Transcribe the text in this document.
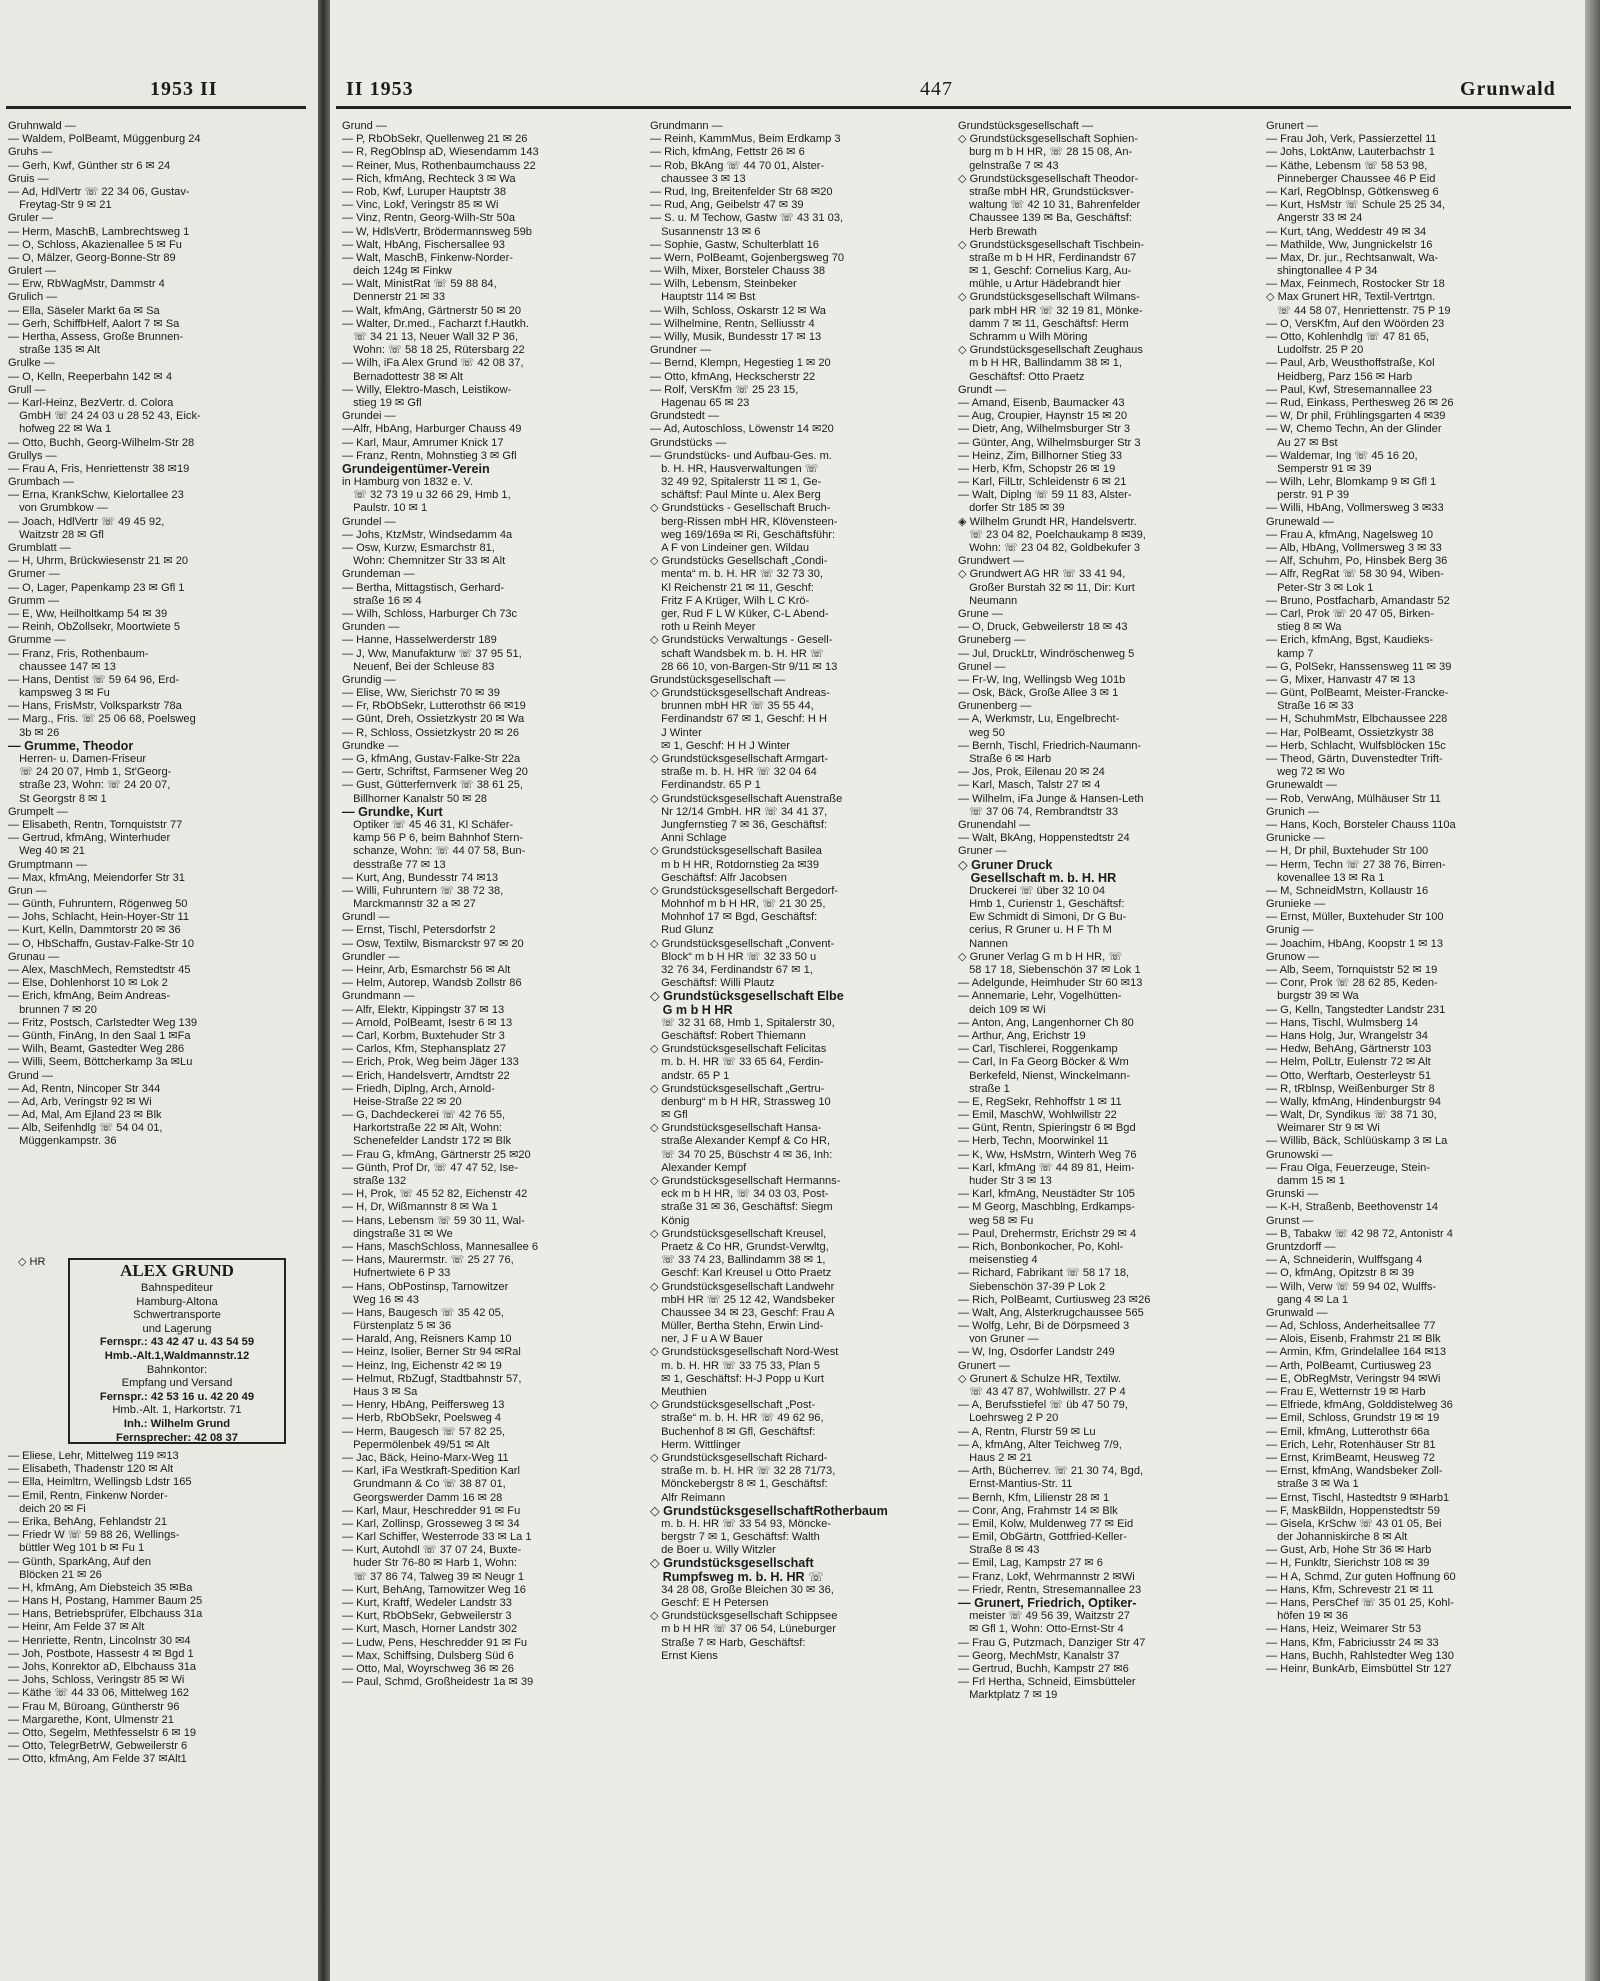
1953 II
Gruhnwald —
— Waldem, PolBeamt, Müggenburg 24
Gruhs —
— Gerh, Kwf, Günther str 6 ✉ 24
Gruis —
— Ad, HdlVertr ☏ 22 34 06, Gustav-
 Freytag-Str 9 ✉ 21
Gruler —
— Herm, MaschB, Lambrechtsweg 1
— O, Schloss, Akazienallee 5 ✉ Fu
— O, Mälzer, Georg-Bonne-Str 89
Grulert —
— Erw, RbWagMstr, Dammstr 4
Grulich —
— Ella, Säseler Markt 6a ✉ Sa
— Gerh, SchiffbHelf, Aalort 7 ✉ Sa
— Hertha, Assess, Große Brunnen-
 straße 135 ✉ Alt
Grulke —
— O, Kelln, Reeperbahn 142 ✉ 4
Grull —
— Karl-Heinz, BezVertr. d. Colora
 GmbH ☏ 24 24 03 u 28 52 43, Eick-
 hofweg 22 ✉ Wa 1
— Otto, Buchh, Georg-Wilhelm-Str 28
Grullys —
— Frau A, Fris, Henriettenstr 38 ✉19
Grumbach —
— Erna, KrankSchw, Kielortallee 23
 von Grumbkow —
— Joach, HdlVertr ☏ 49 45 92,
 Waitzstr 28 ✉ Gfl
Grumblatt —
— H, Uhrm, Brückwiesenstr 21 ✉ 20
Grumer —
— O, Lager, Papenkamp 23 ✉ Gfl 1
Grumm —
— E, Ww, Heilholtkamp 54 ✉ 39
— Reinh, ObZollsekr, Moortwiete 5
Grumme —
— Franz, Fris, Rothenbaum-
 chaussee 147 ✉ 13
— Hans, Dentist ☏ 59 64 96, Erd-
 kampsweg 3 ✉ Fu
— Hans, FrisMstr, Volksparkstr 78a
— Marg., Fris. ☏ 25 06 68, Poelsweg
 3b ✉ 26
— Grumme, Theodor
 Herren- u. Damen-Friseur
 ☏ 24 20 07, Hmb 1, St'Georg-
 straße 23, Wohn: ☏ 24 20 07,
 St Georgstr 8 ✉ 1
Grumpelt —
— Elisabeth, Rentn, Tornquiststr 77
— Gertrud, kfmAng, Winterhuder
 Weg 40 ✉ 21
Grumptmann —
— Max, kfmAng, Meiendorfer Str 31
Grun —
— Günth, Fuhruntern, Rögenweg 50
— Johs, Schlacht, Hein-Hoyer-Str 11
— Kurt, Kelln, Dammtorstr 20 ✉ 36
— O, HbSchaffn, Gustav-Falke-Str 10
Grunau —
— Alex, MaschMech, Remstedtstr 45
— Else, Dohlenhorst 10 ✉ Lok 2
— Erich, kfmAng, Beim Andreas-
 brunnen 7 ✉ 20
— Fritz, Postsch, Carlstedter Weg 139
— Günth, FinAng, In den Saal 1 ✉Fa
— Wilh, Beamt, Gastedter Weg 286
— Willi, Seem, Böttcherkamp 3a ✉Lu
Grund —
— Ad, Rentn, Nincoper Str 344
— Ad, Arb, Veringstr 92 ✉ Wi
— Ad, Mal, Am Ejland 23 ✉ Blk
— Alb, Seifenhdlg ☏ 54 04 01,
 Müggenkampstr. 36
◇ HR	ALEX GRUND
Bahnspediteur
Hamburg-Altona
Schwertransporte
und Lagerung
Fernspr.: 43 42 47 u. 43 54 59
Hmb.-Alt.1,Waldmannstr.12
Bahnkontor:
Empfang und Versand
Fernspr.: 42 53 16 u. 42 20 49
Hmb.-Alt. 1, Harkortstr. 71
Inh.: Wilhelm Grund
Fernsprecher: 42 08 37
— Eliese, Lehr, Mittelweg 119 ✉13
— Elisabeth, Thadenstr 120 ✉ Alt
— Ella, Heimltrn, Wellingsb Ldstr 165
— Emil, Rentn, Finkenw Norder-
 deich 20 ✉ Fi
— Erika, BehAng, Fehlandstr 21
— Friedr W ☏ 59 88 26, Wellings-
 büttler Weg 101 b ✉ Fu 1
— Günth, SparkAng, Auf den
 Blöcken 21 ✉ 26
— H, kfmAng, Am Diebsteich 35 ✉Ba
— Hans H, Postang, Hammer Baum 25
— Hans, Betriebsprüfer, Elbchauss 31a
— Heinr, Am Felde 37 ✉ Alt
— Henriette, Rentn, Lincolnstr 30 ✉4
— Joh, Postbote, Hassestr 4 ✉ Bgd 1
— Johs, Konrektor aD, Elbchauss 31a
— Johs, Schloss, Veringstr 85 ✉ Wi
— Käthe ☏ 44 33 06, Mittelweg 162
— Frau M, Büroang, Güntherstr 96
— Margarethe, Kont, Ulmenstr 21
— Otto, Segelm, Methfesselstr 6 ✉ 19
— Otto, TelegrBetrW, Gebweilerstr 6
— Otto, kfmAng, Am Felde 37 ✉Alt1
II 1953	447	Grunwald
Grund —
— P, RbObSekr, Quellenweg 21 ✉ 26
— R, RegOblnsp aD, Wiesendamm 143
— Reiner, Mus, Rothenbaumchauss 22
— Rich, kfmAng, Rechteck 3 ✉ Wa
— Rob, Kwf, Luruper Hauptstr 38
— Vinc, Lokf, Veringstr 85 ✉ Wi
— Vinz, Rentn, Georg-Wilh-Str 50a
— W, HdlsVertr, Brödermannsweg 59b
— Walt, HbAng, Fischersallee 93
— Walt, MaschB, Finkenw-Norder-
 deich 124g ✉ Finkw
— Walt, MinistRat ☏ 59 88 84,
 Dennerstr 21 ✉ 33
— Walt, kfmAng, Gärtnerstr 50 ✉ 20
— Walter, Dr.med., Facharzt f.Hautkh.
 ☏ 34 21 13, Neuer Wall 32 P 36,
 Wohn: ☏ 58 18 25, Rütersbarg 22
— Wilh, iFa Alex Grund ☏ 42 08 37,
 Bernadottestr 38 ✉ Alt
— Willy, Elektro-Masch, Leistikow-
 stieg 19 ✉ Gfl
Grundei —
—Alfr, HbAng, Harburger Chauss 49
— Karl, Maur, Amrumer Knick 17
— Franz, Rentn, Mohnstieg 3 ✉ Gfl
Grundeigentümer-Verein
in Hamburg von 1832 e. V.
 ☏ 32 73 19 u 32 66 29, Hmb 1,
 Paulstr. 10 ✉ 1
Grundel —
— Johs, KtzMstr, Windsedamm 4a
— Osw, Kurzw, Esmarchstr 81,
 Wohn: Chemnitzer Str 33 ✉ Alt
Grundeman —
— Bertha, Mittagstisch, Gerhard-
 straße 16 ✉ 4
— Wilh, Schloss, Harburger Ch 73c
Grunden —
— Hanne, Hasselwerderstr 189
— J, Ww, Manufakturw ☏ 37 95 51,
 Neuenf, Bei der Schleuse 83
Grundig —
— Elise, Ww, Sierichstr 70 ✉ 39
— Fr, RbObSekr, Lutterothstr 66 ✉19
— Günt, Dreh, Ossietzkystr 20 ✉ Wa
— R, Schloss, Ossietzkystr 20 ✉ 26
Grundke —
— G, kfmAng, Gustav-Falke-Str 22a
— Gertr, Schriftst, Farmsener Weg 20
— Gust, Gütterfernverk ☏ 38 61 25,
 Billhorner Kanalstr 50 ✉ 28
— Grundke, Kurt
 Optiker ☏ 45 46 31, Kl Schäfer-
 kamp 56 P 6, beim Bahnhof Stern-
 schanze, Wohn: ☏ 44 07 58, Bun-
 desstraße 77 ✉ 13
— Kurt, Ang, Bundesstr 74 ✉13
— Willi, Fuhruntern ☏ 38 72 38,
 Marckmannstr 32 a ✉ 27
Grundl —
— Ernst, Tischl, Petersdorfstr 2
— Osw, Textilw, Bismarckstr 97 ✉ 20
Grundler —
— Heinr, Arb, Esmarchstr 56 ✉ Alt
— Helm, Autorep, Wandsb Zollstr 86
Grundmann —
— Alfr, Elektr, Kippingstr 37 ✉ 13
— Arnold, PolBeamt, Isestr 6 ✉ 13
— Carl, Korbm, Buxtehuder Str 3
— Carlos, Kfm, Stephansplatz 27
— Erich, Prok, Weg beim Jäger 133
— Erich, Handelsvertr, Arndtstr 22
— Friedh, Diplng, Arch, Arnold-
 Heise-Straße 22 ✉ 20
— G, Dachdeckerei ☏ 42 76 55,
 Harkortstraße 22 ✉ Alt, Wohn:
 Schenefelder Landstr 172 ✉ Blk
— Frau G, kfmAng, Gärtnerstr 25 ✉20
— Günth, Prof Dr, ☏ 47 47 52, Ise-
 straße 132
— H, Prok, ☏ 45 52 82, Eichenstr 42
— H, Dr, Wißmannstr 8 ✉ Wa 1
— Hans, Lebensm ☏ 59 30 11, Wal-
 dingstraße 31 ✉ We
— Hans, MaschSchloss, Mannesallee 6
— Hans, Maurermstr. ☏ 25 27 76,
 Hufnertwiete 6 P 33
— Hans, ObPostinsp, Tarnowitzer
 Weg 16 ✉ 43
— Hans, Baugesch ☏ 35 42 05,
 Fürstenplatz 5 ✉ 36
— Harald, Ang, Reisners Kamp 10
— Heinz, Isolier, Berner Str 94 ✉Ral
— Heinz, Ing, Eichenstr 42 ✉ 19
— Helmut, RbZugf, Stadtbahnstr 57,
 Haus 3 ✉ Sa
— Henry, HbAng, Peiffersweg 13
— Herb, RbObSekr, Poelsweg 4
— Herm, Baugesch ☏ 57 82 25,
 Pepermölenbek 49/51 ✉ Alt
— Jac, Bäck, Heino-Marx-Weg 11
— Karl, iFa Westkraft-Spedition Karl
 Grundmann & Co ☏ 38 87 01,
 Georgswerder Damm 16 ✉ 28
— Karl, Maur, Heschredder 91 ✉ Fu
— Karl, Zollinsp, Grosseweg 3 ✉ 34
— Karl Schiffer, Westerrode 33 ✉ La 1
— Kurt, Autohdl ☏ 37 07 24, Buxte-
 huder Str 76-80 ✉ Harb 1, Wohn:
 ☏ 37 86 74, Talweg 39 ✉ Neugr 1
— Kurt, BehAng, Tarnowitzer Weg 16
— Kurt, Kraftf, Wedeler Landstr 33
— Kurt, RbObSekr, Gebweilerstr 3
— Kurt, Masch, Horner Landstr 302
— Ludw, Pens, Heschredder 91 ✉ Fu
— Max, Schiffsing, Dulsberg Süd 6
— Otto, Mal, Woyrschweg 36 ✉ 26
— Paul, Schmd, Großheidestr 1a ✉ 39
Grundmann —
— Reinh, KammMus, Beim Erdkamp 3
— Rich, kfmAng, Fettstr 26 ✉ 6
— Rob, BkAng ☏ 44 70 01, Alster-
 chaussee 3 ✉ 13
— Rud, Ing, Breitenfelder Str 68 ✉20
— Rud, Ang, Geibelstr 47 ✉ 39
— S. u. M Techow, Gastw ☏ 43 31 03,
 Susannenstr 13 ✉ 6
— Sophie, Gastw, Schulterblatt 16
— Wern, PolBeamt, Gojenbergsweg 70
— Wilh, Mixer, Borsteler Chauss 38
— Wilh, Lebensm, Steinbeker
 Hauptstr 114 ✉ Bst
— Wilh, Schloss, Oskarstr 12 ✉ Wa
— Wilhelmine, Rentn, Selliusstr 4
— Willy, Musik, Bundesstr 17 ✉ 13
Grundner —
— Bernd, Klempn, Hegestieg 1 ✉ 20
— Otto, kfmAng, Heckscherstr 22
— Rolf, VersKfm ☏ 25 23 15,
 Hagenau 65 ✉ 23
Grundstedt —
— Ad, Autoschloss, Löwenstr 14 ✉20
Grundstücks —
— Grundstücks- und Aufbau-Ges. m.
 b. H. HR, Hausverwaltungen ☏
 32 49 92, Spitalerstr 11 ✉ 1, Ge-
 schäftsf: Paul Minte u. Alex Berg
◇ Grundstücks - Gesellschaft Bruch-
 berg-Rissen mbH HR, Klövensteen-
 weg 169/169a ✉ Ri, Geschäftsführ:
 A F von Lindeiner gen. Wildau
◇ Grundstücks Gesellschaft „Condi-
 menta“ m. b. H. HR ☏ 32 73 30,
 Kl Reichenstr 21 ✉ 11, Geschf:
 Fritz F A Krüger, Wilh L C Krö-
 ger, Rud F L W Küker, C-L Abend-
 roth u Reinh Meyer
◇ Grundstücks Verwaltungs - Gesell-
 schaft Wandsbek m. b. H. HR ☏
 28 66 10, von-Bargen-Str 9/11 ✉ 13
Grundstücksgesellschaft —
◇ Grundstücksgesellschaft Andreas-
 brunnen mbH HR ☏ 35 55 44,
 Ferdinandstr 67 ✉ 1, Geschf: H H
 J Winter
 ✉ 1, Geschf: H H J Winter
◇ Grundstücksgesellschaft Armgart-
 straße m. b. H. HR ☏ 32 04 64
 Ferdinandstr. 65 P 1
◇ Grundstücksgesellschaft Auenstraße
 Nr 12/14 GmbH. HR ☏ 34 41 37,
 Jungfernstieg 7 ✉ 36, Geschäftsf:
 Anni Schlage
◇ Grundstücksgesellschaft Basilea
 m b H HR, Rotdornstieg 2a ✉39
 Geschäftsf: Alfr Jacobsen
◇ Grundstücksgesellschaft Bergedorf-
 Mohnhof m b H HR, ☏ 21 30 25,
 Mohnhof 17 ✉ Bgd, Geschäftsf:
 Rud Glunz
◇ Grundstücksgesellschaft „Convent-
 Block“ m b H HR ☏ 32 33 50 u
 32 76 34, Ferdinandstr 67 ✉ 1,
 Geschäftsf: Willi Plautz
◇ Grundstücksgesellschaft Elbe
 G m b H HR
 ☏ 32 31 68, Hmb 1, Spitalerstr 30,
 Geschäftsf: Robert Thiemann
◇ Grundstücksgesellschaft Felicitas
 m. b. H. HR ☏ 33 65 64, Ferdin-
 andstr. 65 P 1
◇ Grundstücksgesellschaft „Gertru-
 denburg“ m b H HR, Strassweg 10
 ✉ Gfl
◇ Grundstücksgesellschaft Hansa-
 straße Alexander Kempf & Co HR,
 ☏ 34 70 25, Büschstr 4 ✉ 36, Inh:
 Alexander Kempf
◇ Grundstücksgesellschaft Hermanns-
 eck m b H HR, ☏ 34 03 03, Post-
 straße 31 ✉ 36, Geschäftsf: Siegm
 König
◇ Grundstücksgesellschaft Kreusel,
 Praetz & Co HR, Grundst-Verwltg,
 ☏ 33 74 23, Ballindamm 38 ✉ 1,
 Geschf: Karl Kreusel u Otto Praetz
◇ Grundstücksgesellschaft Landwehr
 mbH HR ☏ 25 12 42, Wandsbeker
 Chaussee 34 ✉ 23, Geschf: Frau A
 Müller, Bertha Stehn, Erwin Lind-
 ner, J F u A W Bauer
◇ Grundstücksgesellschaft Nord-West
 m. b. H. HR ☏ 33 75 33, Plan 5
 ✉ 1, Geschäftsf: H-J Popp u Kurt
 Meuthien
◇ Grundstücksgesellschaft „Post-
 straße“ m. b. H. HR ☏ 49 62 96,
 Buchenhof 8 ✉ Gfl, Geschäftsf:
 Herm. Wittlinger
◇ Grundstücksgesellschaft Richard-
 straße m. b. H. HR ☏ 32 28 71/73,
 Mönckebergstr 8 ✉ 1, Geschäftsf:
 Alfr Reimann
◇ GrundstücksgesellschaftRotherbaum
 m. b. H. HR ☏ 33 54 93, Möncke-
 bergstr 7 ✉ 1, Geschäftsf: Walth
 de Boer u. Willy Witzler
◇ Grundstücksgesellschaft
 Rumpfsweg m. b. H. HR ☏
 34 28 08, Große Bleichen 30 ✉ 36,
 Geschf: E H Petersen
◇ Grundstücksgesellschaft Schippsee
 m b H HR ☏ 37 06 54, Lüneburger
 Straße 7 ✉ Harb, Geschäftsf:
 Ernst Kiens
Grundstücksgesellschaft —
◇ Grundstücksgesellschaft Sophien-
 burg m b H HR, ☏ 28 15 08, An-
 gelnstraße 7 ✉ 43
◇ Grundstücksgesellschaft Theodor-
 straße mbH HR, Grundstücksver-
 waltung ☏ 42 10 31, Bahrenfelder
 Chaussee 139 ✉ Ba, Geschäftsf:
 Herb Brewath
◇ Grundstücksgesellschaft Tischbein-
 straße m b H HR, Ferdinandstr 67
 ✉ 1, Geschf: Cornelius Karg, Au-
 mühle, u Artur Hädebrandt hier
◇ Grundstücksgesellschaft Wilmans-
 park mbH HR ☏ 32 19 81, Mönke-
 damm 7 ✉ 11, Geschäftsf: Herm
 Schramm u Wilh Möring
◇ Grundstücksgesellschaft Zeughaus
 m b H HR, Ballindamm 38 ✉ 1,
 Geschäftsf: Otto Praetz
Grundt —
— Amand, Eisenb, Baumacker 43
— Aug, Croupier, Haynstr 15 ✉ 20
— Dietr, Ang, Wilhelmsburger Str 3
— Günter, Ang, Wilhelmsburger Str 3
— Heinz, Zim, Billhorner Stieg 33
— Herb, Kfm, Schopstr 26 ✉ 19
— Karl, FilLtr, Schleidenstr 6 ✉ 21
— Walt, Diplng ☏ 59 11 83, Alster-
 dorfer Str 185 ✉ 39
◈ Wilhelm Grundt HR, Handelsvertr.
 ☏ 23 04 82, Poelchaukamp 8 ✉39,
 Wohn: ☏ 23 04 82, Goldbekufer 3
Grundwert —
◇ Grundwert AG HR ☏ 33 41 94,
 Großer Burstah 32 ✉ 11, Dir: Kurt
 Neumann
Grune —
— O, Druck, Gebweilerstr 18 ✉ 43
Gruneberg —
— Jul, DruckLtr, Windröschenweg 5
Grunel —
— Fr-W, Ing, Wellingsb Weg 101b
— Osk, Bäck, Große Allee 3 ✉ 1
Grunenberg —
— A, Werkmstr, Lu, Engelbrecht-
 weg 50
— Bernh, Tischl, Friedrich-Naumann-
 Straße 6 ✉ Harb
— Jos, Prok, Eilenau 20 ✉ 24
— Karl, Masch, Talstr 27 ✉ 4
— Wilhelm, iFa Junge & Hansen-Leth
 ☏ 37 06 74, Rembrandtstr 33
Grunendahl —
— Walt, BkAng, Hoppenstedtstr 24
Gruner —
◇ Gruner Druck
 Gesellschaft m. b. H. HR
 Druckerei ☏ über 32 10 04
 Hmb 1, Curienstr 1, Geschäftsf:
 Ew Schmidt di Simoni, Dr G Bu-
 cerius, R Gruner u. H F Th M
 Nannen
◇ Gruner Verlag G m b H HR, ☏
 58 17 18, Siebenschön 37 ✉ Lok 1
— Adelgunde, Heimhuder Str 60 ✉13
— Annemarie, Lehr, Vogelhütten-
 deich 109 ✉ Wi
— Anton, Ang, Langenhorner Ch 80
— Arthur, Ang, Erichstr 19
— Carl, Tischlerei, Roggenkamp
— Carl, In Fa Georg Böcker & Wm
 Berkefeld, Nienst, Winckelmann-
 straße 1
— E, RegSekr, Rehhoffstr 1 ✉ 11
— Emil, MaschW, Wohlwillstr 22
— Günt, Rentn, Spieringstr 6 ✉ Bgd
— Herb, Techn, Moorwinkel 11
— K, Ww, HsMstrn, Winterh Weg 76
— Karl, kfmAng ☏ 44 89 81, Heim-
 huder Str 3 ✉ 13
— Karl, kfmAng, Neustädter Str 105
— M Georg, Maschblng, Erdkamps-
 weg 58 ✉ Fu
— Paul, Drehermstr, Erichstr 29 ✉ 4
— Rich, Bonbonkocher, Po, Kohl-
 meisenstieg 4
— Richard, Fabrikant ☏ 58 17 18,
 Siebenschön 37-39 P Lok 2
— Rich, PolBeamt, Curtiusweg 23 ✉26
— Walt, Ang, Alsterkrugchaussee 565
— Wolfg, Lehr, Bi de Dörpsmeed 3
 von Gruner —
— W, Ing, Osdorfer Landstr 249
Grunert —
◇ Grunert & Schulze HR, Textilw.
 ☏ 43 47 87, Wohlwillstr. 27 P 4
— A, Berufsstiefel ☏ üb 47 50 79,
 Loehrsweg 2 P 20
— A, Rentn, Flurstr 59 ✉ Lu
— A, kfmAng, Alter Teichweg 7/9,
 Haus 2 ✉ 21
— Arth, Bücherrev. ☏ 21 30 74, Bgd,
 Ernst-Mantius-Str. 11
— Bernh, Kfm, Lilienstr 28 ✉ 1
— Conr, Ang, Frahmstr 14 ✉ Blk
— Emil, Kolw, Muldenweg 77 ✉ Eid
— Emil, ObGärtn, Gottfried-Keller-
 Straße 8 ✉ 43
— Emil, Lag, Kampstr 27 ✉ 6
— Franz, Lokf, Wehrmannstr 2 ✉Wi
— Friedr, Rentn, Stresemannallee 23
— Grunert, Friedrich, Optiker-
 meister ☏ 49 56 39, Waitzstr 27
 ✉ Gfl 1, Wohn: Otto-Ernst-Str 4
— Frau G, Putzmach, Danziger Str 47
— Georg, MechMstr, Kanalstr 37
— Gertrud, Buchh, Kampstr 27 ✉6
— Frl Hertha, Schneid, Eimsbütteler
 Marktplatz 7 ✉ 19
Grunert —
— Frau Joh, Verk, Passierzettel 11
— Johs, LoktAnw, Lauterbachstr 1
— Käthe, Lebensm ☏ 58 53 98,
 Pinneberger Chaussee 46 P Eid
— Karl, RegOblnsp, Götkensweg 6
— Kurt, HsMstr ☏ Schule 25 25 34,
 Angerstr 33 ✉ 24
— Kurt, tAng, Weddestr 49 ✉ 34
— Mathilde, Ww, Jungnickelstr 16
— Max, Dr. jur., Rechtsanwalt, Wa-
 shingtonallee 4 P 34
— Max, Feinmech, Rostocker Str 18
◇ Max Grunert HR, Textil-Vertrtgn.
 ☏ 44 58 07, Henriettenstr. 75 P 19
— O, VersKfm, Auf den Wöörden 23
— Otto, Kohlenhdlg ☏ 47 81 65,
 Ludolfstr. 25 P 20
— Paul, Arb, Weusthoffstraße, Kol
 Heidberg, Parz 156 ✉ Harb
— Paul, Kwf, Stresemannallee 23
— Rud, Einkass, Perthesweg 26 ✉ 26
— W, Dr phil, Frühlingsgarten 4 ✉39
— W, Chemo Techn, An der Glinder
 Au 27 ✉ Bst
— Waldemar, Ing ☏ 45 16 20,
 Semperstr 91 ✉ 39
— Wilh, Lehr, Blomkamp 9 ✉ Gfl 1
 perstr. 91 P 39
— Willi, HbAng, Vollmersweg 3 ✉33
Grunewald —
— Frau A, kfmAng, Nagelsweg 10
— Alb, HbAng, Vollmersweg 3 ✉ 33
— Alf, Schuhm, Po, Hinsbek Berg 36
— Alfr, RegRat ☏ 58 30 94, Wiben-
 Peter-Str 3 ✉ Lok 1
— Bruno, Postfacharb, Amandastr 52
— Carl, Prok ☏ 20 47 05, Birken-
 stieg 8 ✉ Wa
— Erich, kfmAng, Bgst, Kaudieks-
 kamp 7
— G, PolSekr, Hanssensweg 11 ✉ 39
— G, Mixer, Hanvastr 47 ✉ 13
— Günt, PolBeamt, Meister-Francke-
 Straße 16 ✉ 33
— H, SchuhmMstr, Elbchaussee 228
— Har, PolBeamt, Ossietzkystr 38
— Herb, Schlacht, Wulfsblöcken 15c
— Theod, Gärtn, Duvenstedter Trift-
 weg 72 ✉ Wo
Grunewaldt —
— Rob, VerwAng, Mülhäuser Str 11
Grunich —
— Hans, Koch, Borsteler Chauss 110a
Grunicke —
— H, Dr phil, Buxtehuder Str 100
— Herm, Techn ☏ 27 38 76, Birren-
 kovenallee 13 ✉ Ra 1
— M, SchneidMstrn, Kollaustr 16
Grunieke —
— Ernst, Müller, Buxtehuder Str 100
Grunig —
— Joachim, HbAng, Koopstr 1 ✉ 13
Grunow —
— Alb, Seem, Tornquiststr 52 ✉ 19
— Conr, Prok ☏ 28 62 85, Keden-
 burgstr 39 ✉ Wa
— G, Kelln, Tangstedter Landstr 231
— Hans, Tischl, Wulmsberg 14
— Hans Holg, Jur, Wrangelstr 34
— Hedw, BehAng, Gärtnerstr 103
— Helm, PolLtr, Eulenstr 72 ✉ Alt
— Otto, Werftarb, Oesterleystr 51
— R, tRblnsp, Weißenburger Str 8
— Wally, kfmAng, Hindenburgstr 94
— Walt, Dr, Syndikus ☏ 38 71 30,
 Weimarer Str 9 ✉ Wi
— Willib, Bäck, Schlüüskamp 3 ✉ La
Grunowski —
— Frau Olga, Feuerzeuge, Stein-
 damm 15 ✉ 1
Grunski —
— K-H, Straßenb, Beethovenstr 14
Grunst —
— B, Tabakw ☏ 42 98 72, Antonistr 4
Gruntzdorff —
— A, Schneiderin, Wulffsgang 4
— O, kfmAng, Opitzstr 8 ✉ 39
— Wilh, Verw ☏ 59 94 02, Wulffs-
 gang 4 ✉ La 1
Grunwald —
— Ad, Schloss, Anderheitsallee 77
— Alois, Eisenb, Frahmstr 21 ✉ Blk
— Armin, Kfm, Grindelallee 164 ✉13
— Arth, PolBeamt, Curtiusweg 23
— E, ObRegMstr, Veringstr 94 ✉Wi
— Frau E, Wetternstr 19 ✉ Harb
— Elfriede, kfmAng, Golddistelweg 36
— Emil, Schloss, Grundstr 19 ✉ 19
— Emil, kfmAng, Lutterothstr 66a
— Erich, Lehr, Rotenhäuser Str 81
— Ernst, KrimBeamt, Heusweg 72
— Ernst, kfmAng, Wandsbeker Zoll-
 straße 3 ✉ Wa 1
— Ernst, Tischl, Hastedtstr 9 ✉Harb1
— F, MaskBildn, Hoppenstedtstr 59
— Gisela, KrSchw ☏ 43 01 05, Bei
 der Johanniskirche 8 ✉ Alt
— Gust, Arb, Hohe Str 36 ✉ Harb
— H, Funkltr, Sierichstr 108 ✉ 39
— H A, Schmd, Zur guten Hoffnung 60
— Hans, Kfm, Schrevestr 21 ✉ 11
— Hans, PersChef ☏ 35 01 25, Kohl-
 höfen 19 ✉ 36
— Hans, Heiz, Weimarer Str 53
— Hans, Kfm, Fabriciusstr 24 ✉ 33
— Hans, Buchh, Rahlstedter Weg 130
— Heinr, BunkArb, Eimsbüttel Str 127
